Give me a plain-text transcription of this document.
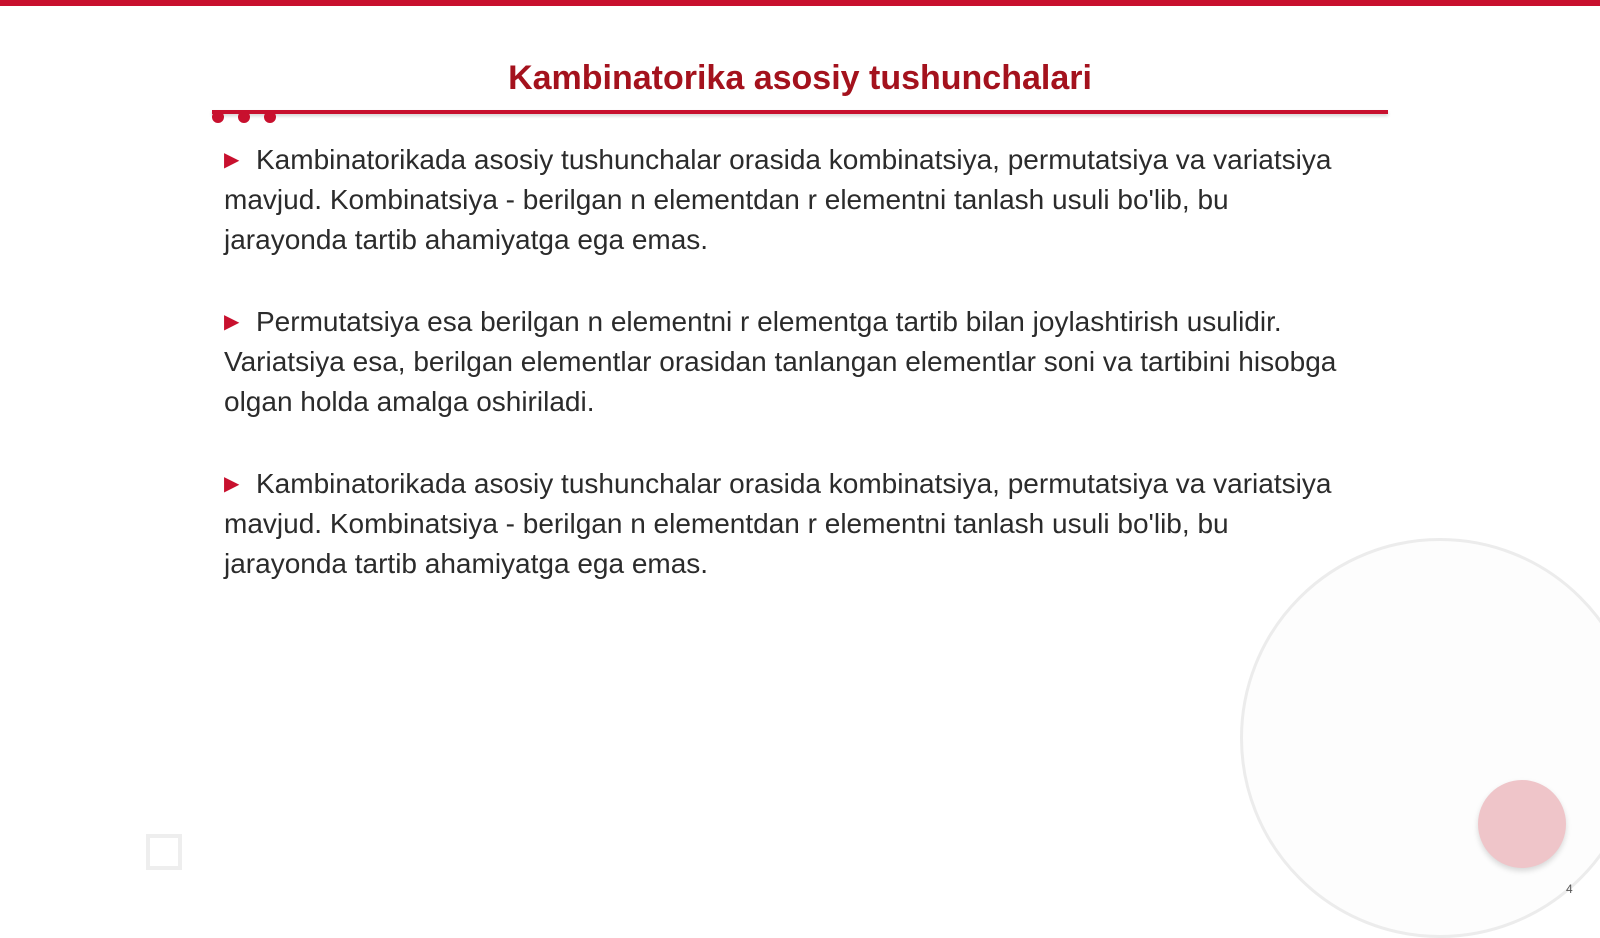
Kambinatorika asosiy tushunchalari

▶ Kambinatorikada asosiy tushunchalar orasida kombinatsiya, permutatsiya va variatsiya mavjud. Kombinatsiya - berilgan n elementdan r elementni tanlash usuli bo'lib, bu jarayonda tartib ahamiyatga ega emas.

▶ Permutatsiya esa berilgan n elementni r elementga tartib bilan joylashtirish usulidir. Variatsiya esa, berilgan elementlar orasidan tanlangan elementlar soni va tartibini hisobga olgan holda amalga oshiriladi.

▶ Kambinatorikada asosiy tushunchalar orasida kombinatsiya, permutatsiya va variatsiya mavjud. Kombinatsiya - berilgan n elementdan r elementni tanlash usuli bo'lib, bu jarayonda tartib ahamiyatga ega emas.

4
